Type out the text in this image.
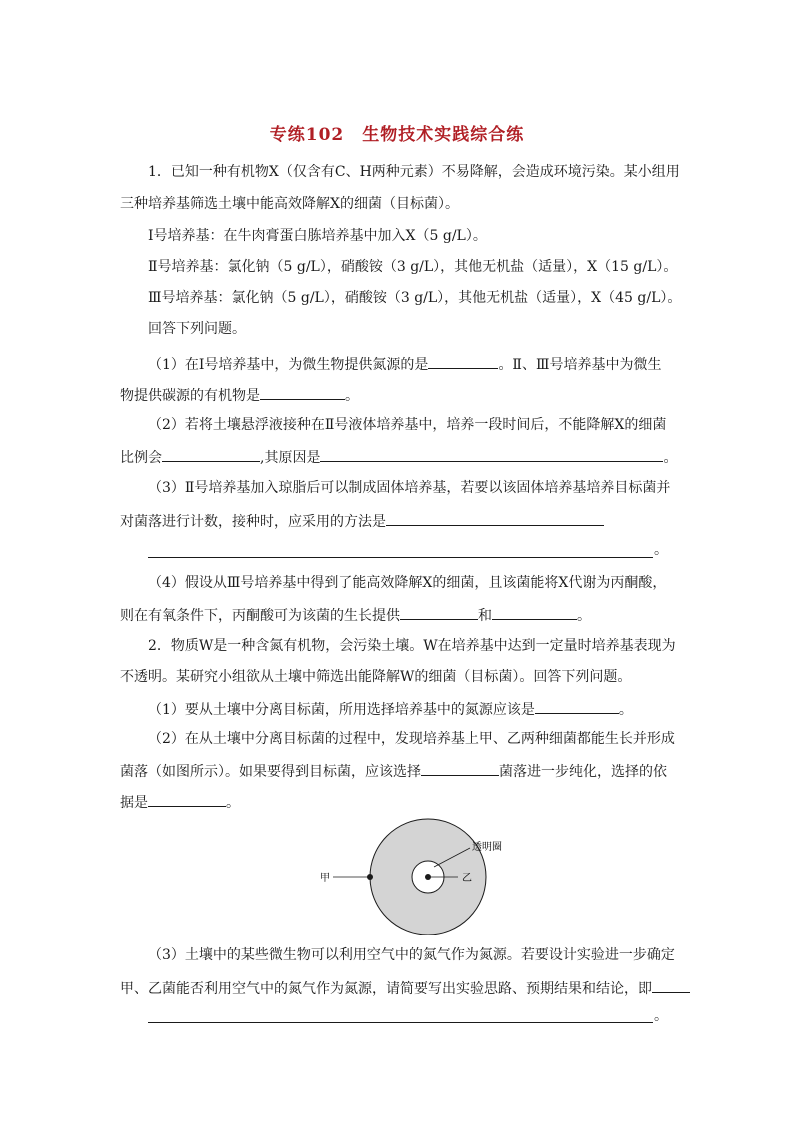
专练102　生物技术实践综合练
1．已知一种有机物X（仅含有C、H两种元素）不易降解，会造成环境污染。某小组用
三种培养基筛选土壤中能高效降解X的细菌（目标菌）。
Ⅰ号培养基：在牛肉膏蛋白胨培养基中加入X（5 g/L）。
Ⅱ号培养基：氯化钠（5 g/L），硝酸铵（3 g/L），其他无机盐（适量），X（15 g/L）。
Ⅲ号培养基：氯化钠（5 g/L），硝酸铵（3 g/L），其他无机盐（适量），X（45 g/L）。
回答下列问题。
（1）在Ⅰ号培养基中，为微生物提供氮源的是	。Ⅱ、Ⅲ号培养基中为微生
物提供碳源的有机物是	。
（2）若将土壤悬浮液接种在Ⅱ号液体培养基中，培养一段时间后，不能降解X的细菌
比例会	,其原因是	。
（3）Ⅱ号培养基加入琼脂后可以制成固体培养基，若要以该固体培养基培养目标菌并
对菌落进行计数，接种时，应采用的方法是
。
（4）假设从Ⅲ号培养基中得到了能高效降解X的细菌，且该菌能将X代谢为丙酮酸，
则在有氧条件下，丙酮酸可为该菌的生长提供	和	。
2．物质W是一种含氮有机物，会污染土壤。W在培养基中达到一定量时培养基表现为
不透明。某研究小组欲从土壤中筛选出能降解W的细菌（目标菌）。回答下列问题。
（1）要从土壤中分离目标菌，所用选择培养基中的氮源应该是	。
（2）在从土壤中分离目标菌的过程中，发现培养基上甲、乙两种细菌都能生长并形成
菌落（如图所示）。如果要得到目标菌，应该选择	菌落进一步纯化，选择的依
据是	。
甲	乙
透明圈
（3）土壤中的某些微生物可以利用空气中的氮气作为氮源。若要设计实验进一步确定
甲、乙菌能否利用空气中的氮气作为氮源，请简要写出实验思路、预期结果和结论，即
。
